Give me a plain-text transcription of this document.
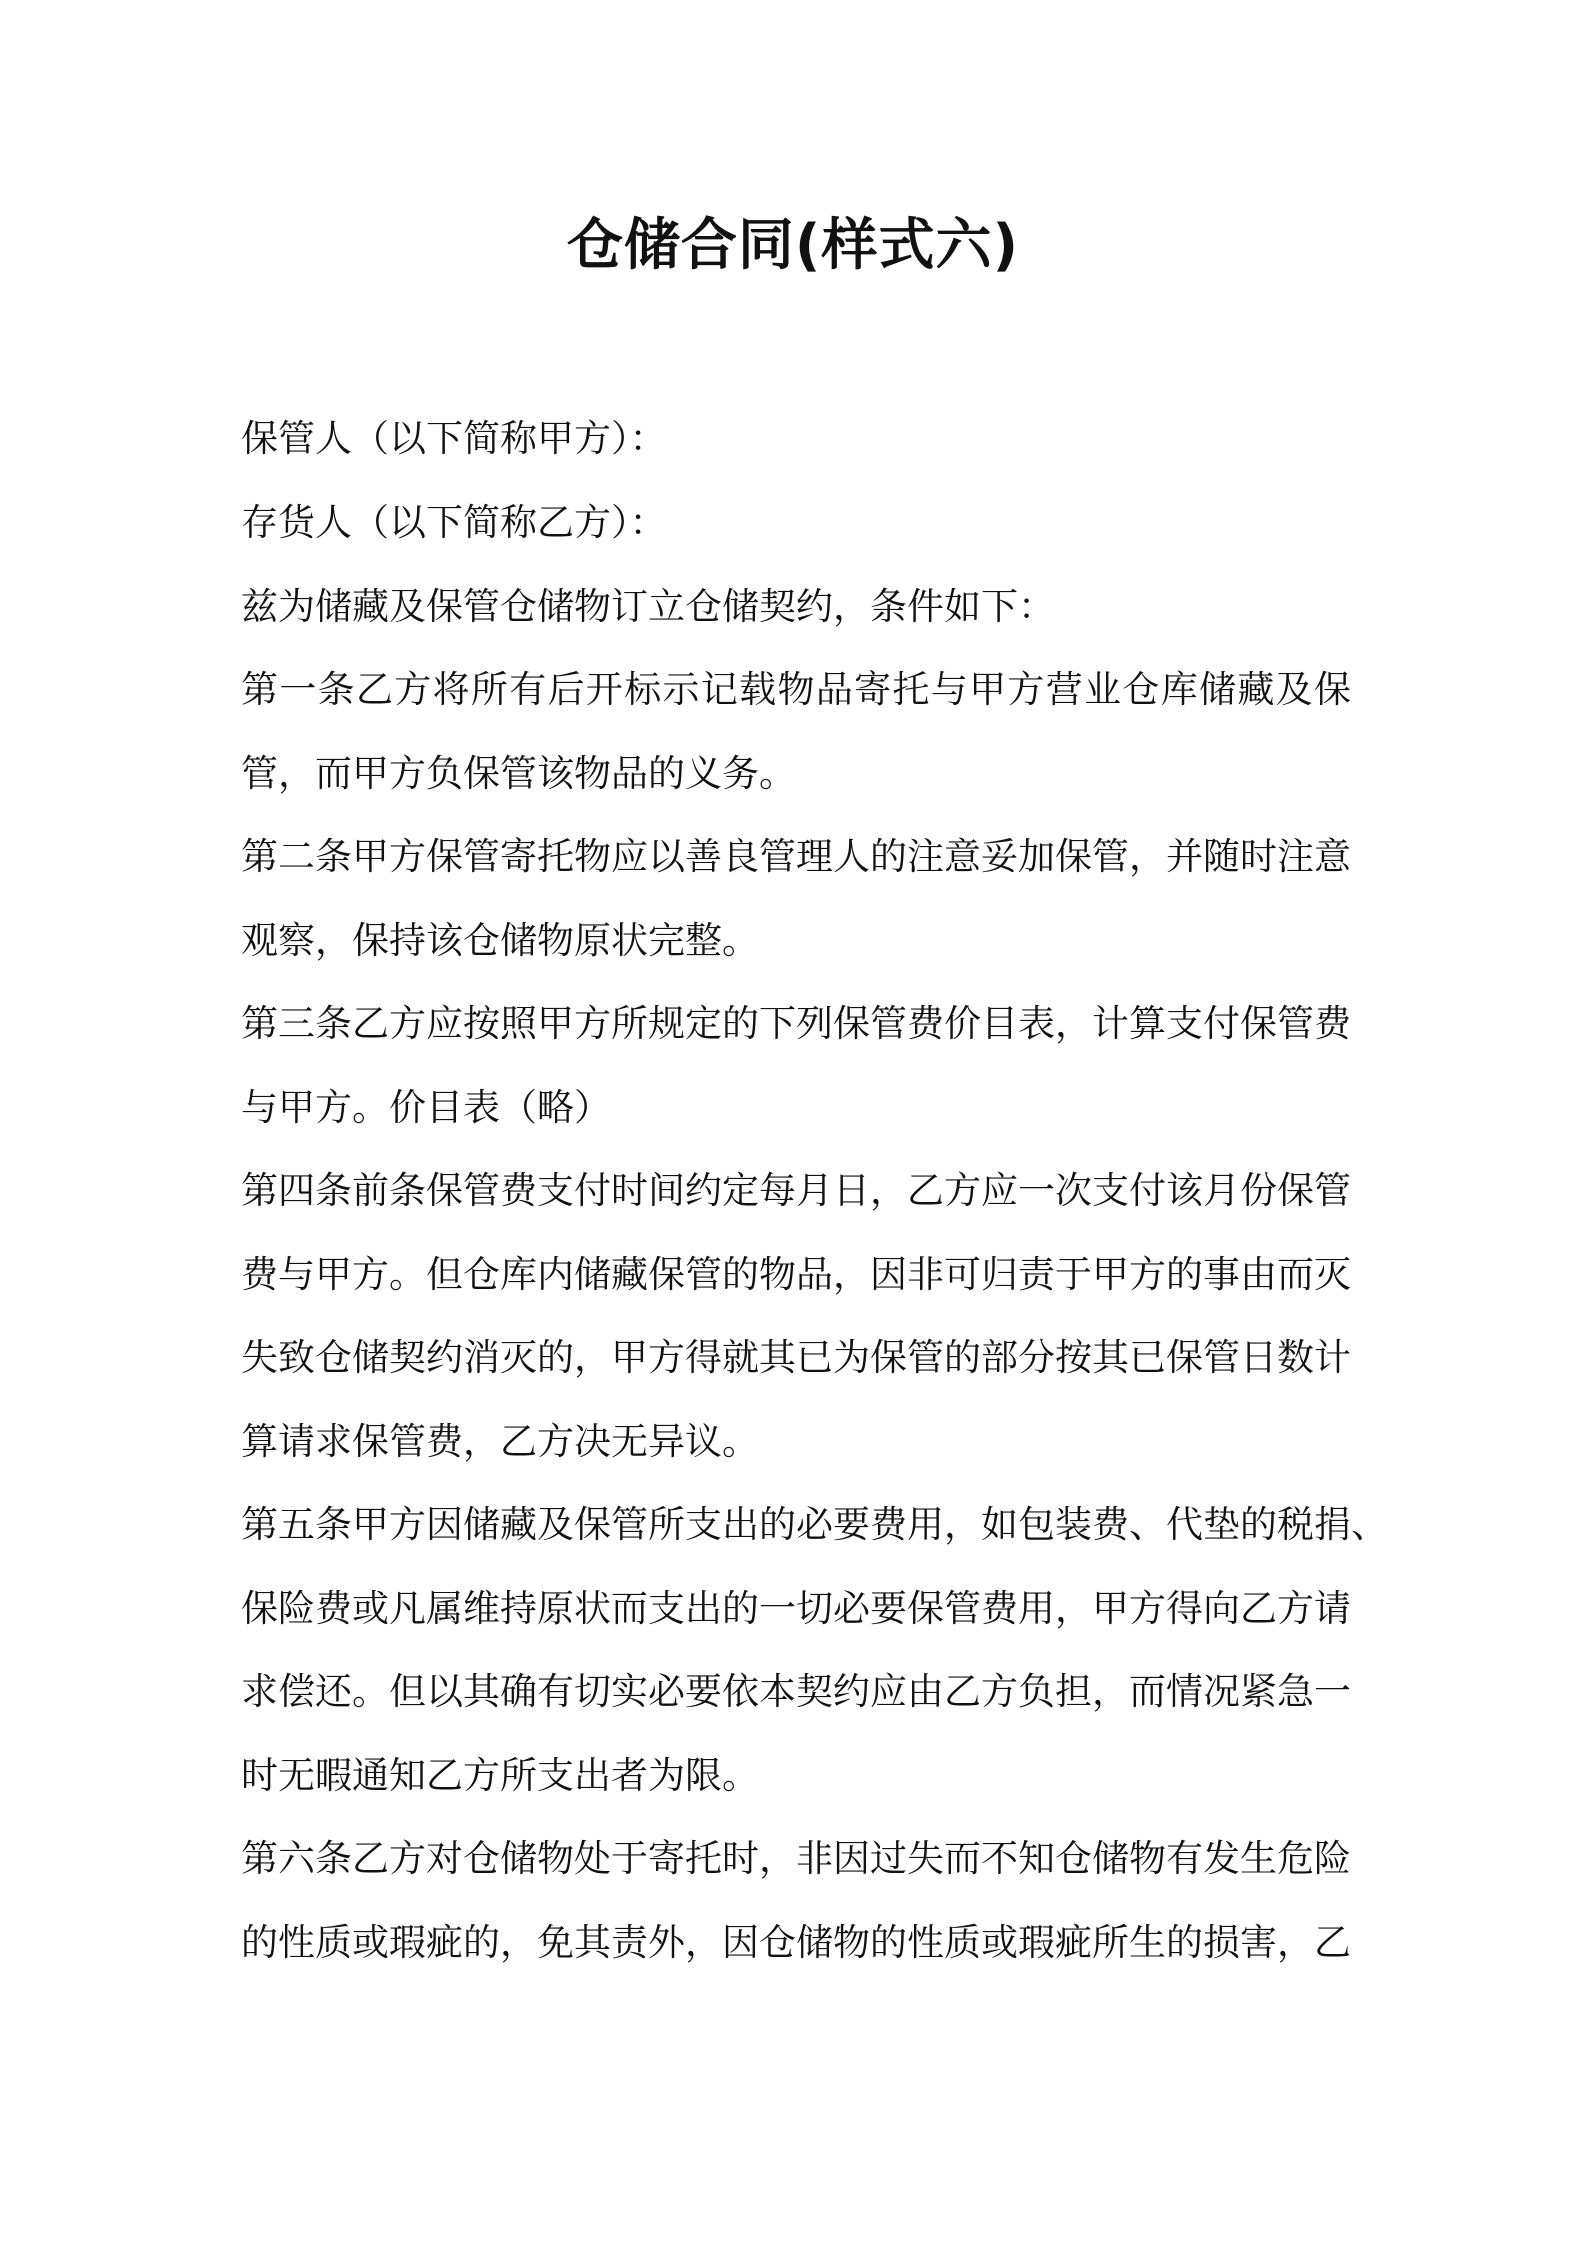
仓储合同(样式六)

保管人（以下简称甲方）：

存货人（以下简称乙方）：

兹为储藏及保管仓储物订立仓储契约，条件如下：

第一条乙方将所有后开标示记载物品寄托与甲方营业仓库储藏及保

管，而甲方负保管该物品的义务。

第二条甲方保管寄托物应以善良管理人的注意妥加保管，并随时注意

观察，保持该仓储物原状完整。

第三条乙方应按照甲方所规定的下列保管费价目表，计算支付保管费

与甲方。价目表（略）

第四条前条保管费支付时间约定每月日，乙方应一次支付该月份保管

费与甲方。但仓库内储藏保管的物品，因非可归责于甲方的事由而灭

失致仓储契约消灭的，甲方得就其已为保管的部分按其已保管日数计

算请求保管费，乙方决无异议。

第五条甲方因储藏及保管所支出的必要费用，如包装费、代垫的税捐、

保险费或凡属维持原状而支出的一切必要保管费用，甲方得向乙方请

求偿还。但以其确有切实必要依本契约应由乙方负担，而情况紧急一

时无暇通知乙方所支出者为限。

第六条乙方对仓储物处于寄托时，非因过失而不知仓储物有发生危险

的性质或瑕疵的，免其责外，因仓储物的性质或瑕疵所生的损害，乙
